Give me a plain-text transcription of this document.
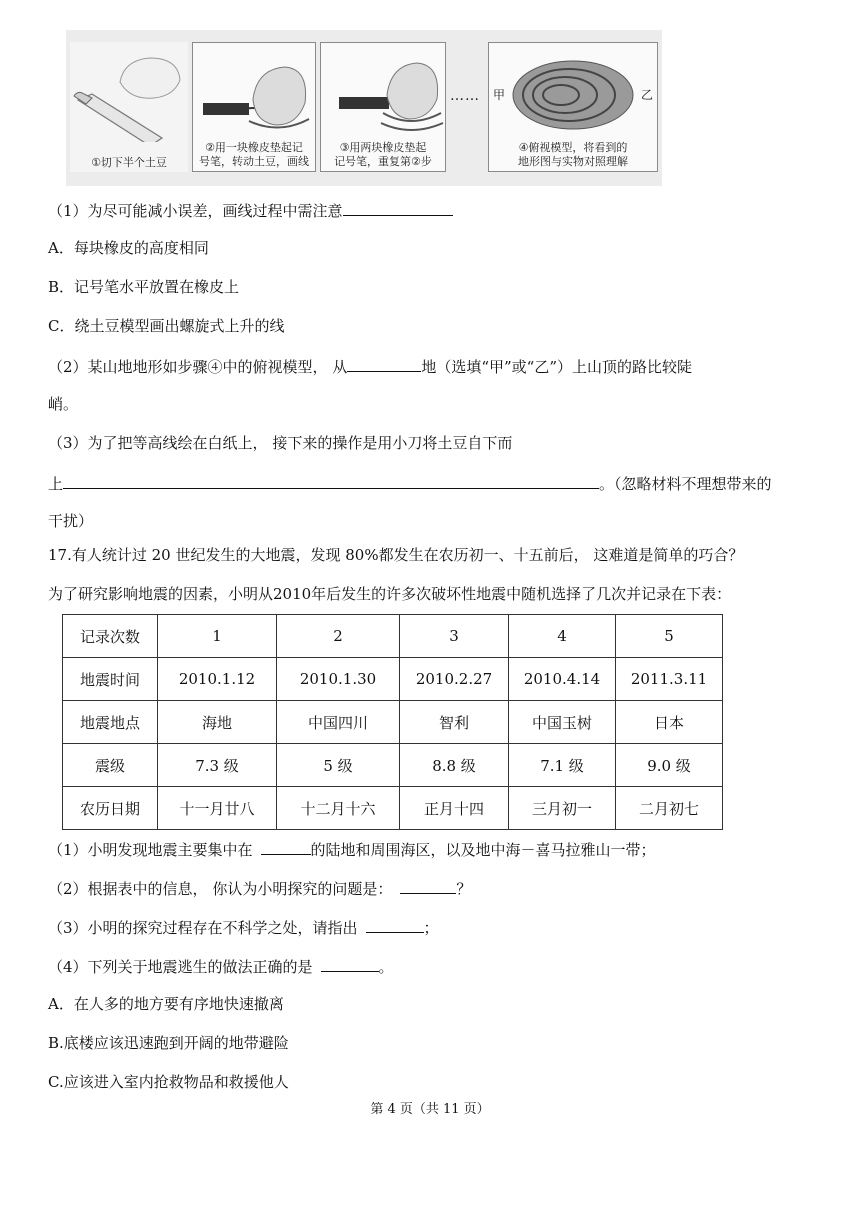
①切下半个土豆
②用一块橡皮垫起记
号笔，转动土豆，画线
③用两块橡皮垫起
记号笔，重复第②步
…… 甲	乙
④俯视模型，将看到的
地形图与实物对照理解
（1）为尽可能减小误差，画线过程中需注意
A．每块橡皮的高度相同
B．记号笔水平放置在橡皮上
C．绕土豆模型画出螺旋式上升的线
（2）某山地地形如步骤④中的俯视模型， 从	地（选填“甲”或“乙”）上山顶的路比较陡
峭。
（3）为了把等高线绘在白纸上， 接下来的操作是用小刀将土豆自下而
上	。（忽略材料不理想带来的
干扰）
17.有人统计过 20 世纪发生的大地震，发现 80%都发生在农历初一、十五前后， 这难道是简单的巧合？
为了研究影响地震的因素，小明从2010年后发生的许多次破坏性地震中随机选择了几次并记录在下表：
记录次数	1	2	3	4	5
地震时间	2010.1.12	2010.1.30	2010.2.27	2010.4.14	2011.3.11
地震地点	海地	中国四川	智利	中国玉树	日本
震级	7.3 级	5 级	8.8 级	7.1 级	9.0 级
农历日期	十一月廿八	十二月十六	正月十四	三月初一	二月初七
（1）小明发现地震主要集中在	的陆地和周围海区，以及地中海－喜马拉雅山一带；
（2）根据表中的信息， 你认为小明探究的问题是：	？
（3）小明的探究过程存在不科学之处，请指出	；
（4）下列关于地震逃生的做法正确的是	。
A．在人多的地方要有序地快速撤离
B.底楼应该迅速跑到开阔的地带避险
C.应该进入室内抢救物品和救援他人
第 4 页（共 11 页）
